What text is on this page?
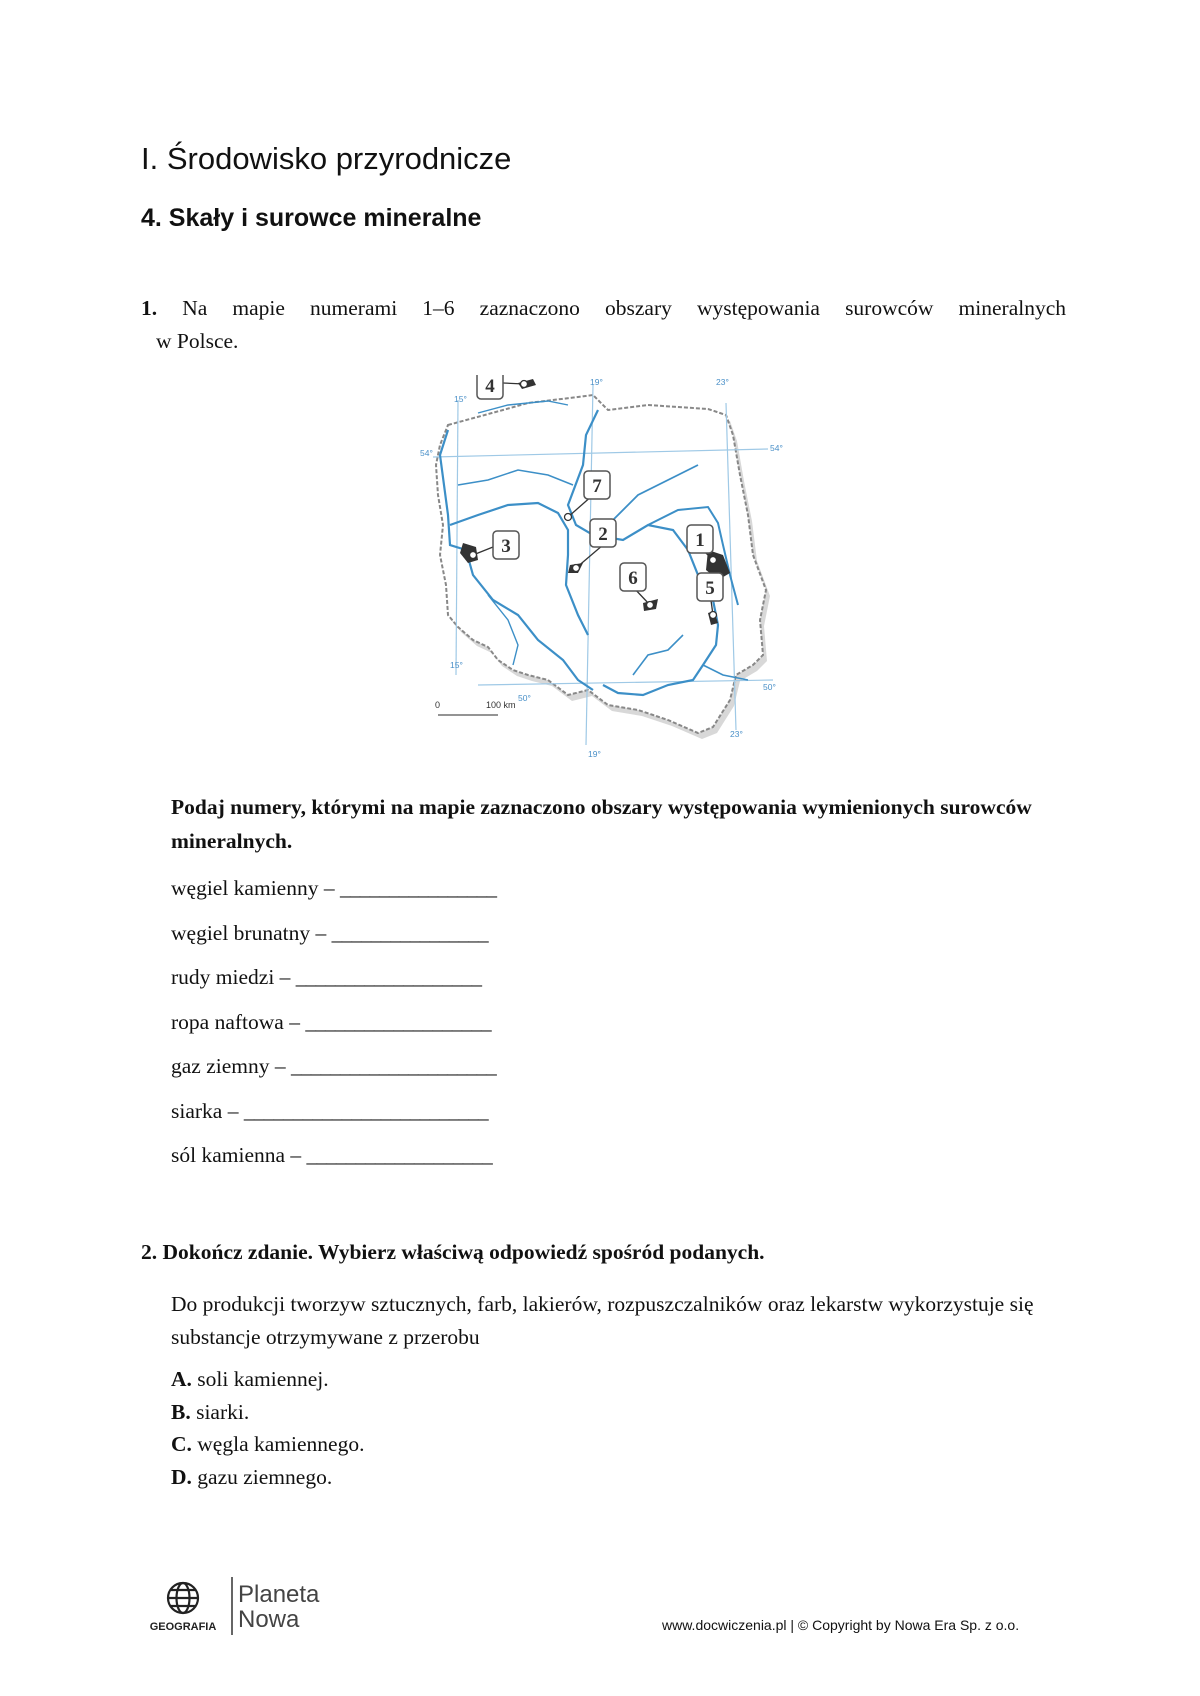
I. Środowisko przyrodnicze
4. Skały i surowce mineralne
1. Na mapie numerami 1–6 zaznaczono obszary występowania surowców mineralnych
w Polsce.
1
2
3
4
5
6
7
15°
19°	23°
15°
19°
23°
54°	54°
50°
50°
0	100 km
Podaj numery, którymi na mapie zaznaczono obszary występowania wymienionych surowców mineralnych.
węgiel kamienny – ________________
węgiel brunatny – ________________
rudy miedzi – ___________________
ropa naftowa – ___________________
gaz ziemny – _____________________
siarka – _________________________
sól kamienna – ___________________
2. Dokończ zdanie. Wybierz właściwą odpowiedź spośród podanych.
Do produkcji tworzyw sztucznych, farb, lakierów, rozpuszczalników oraz lekarstw wykorzystuje się substancje otrzymywane z przerobu
A. soli kamiennej.
B. siarki.
C. węgla kamiennego.
D. gazu ziemnego.
GEOGRAFIA
Planeta
Nowa	www.docwiczenia.pl | © Copyright by Nowa Era Sp. z o.o.
